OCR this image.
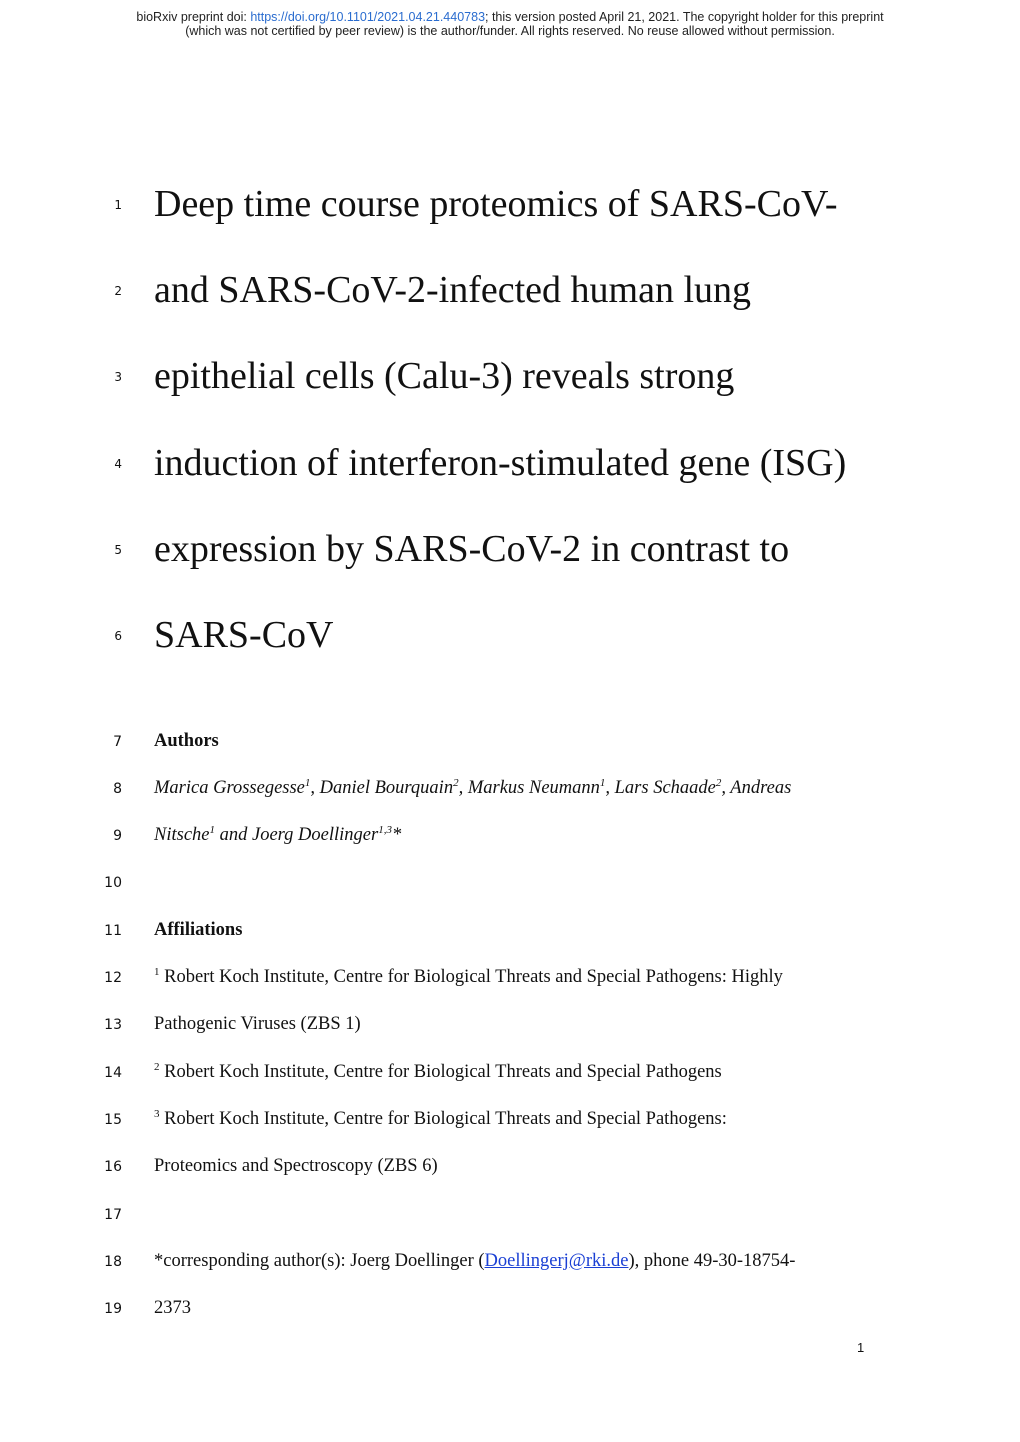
bioRxiv preprint doi: https://doi.org/10.1101/2021.04.21.440783; this version posted April 21, 2021. The copyright holder for this preprint
(which was not certified by peer review) is the author/funder. All rights reserved. No reuse allowed without permission.
1 Deep time course proteomics of SARS-CoV-
2 and SARS-CoV-2-infected human lung
3 epithelial cells (Calu-3) reveals strong
4 induction of interferon-stimulated gene (ISG)
5 expression by SARS-CoV-2 in contrast to
6 SARS-CoV
7 Authors
8 Marica Grossegesse$^1$, Daniel Bourquain$^2$, Markus Neumann$^1$, Lars Schaade$^2$, Andreas
9 Nitsche$^1$ and Joerg Doellinger$^{1,3}$*
10
11 Affiliations
12	$^1$ Robert Koch Institute, Centre for Biological Threats and Special Pathogens: Highly
13 Pathogenic Viruses (ZBS 1)
14	$^2$ Robert Koch Institute, Centre for Biological Threats and Special Pathogens
15	$^3$ Robert Koch Institute, Centre for Biological Threats and Special Pathogens:
16 Proteomics and Spectroscopy (ZBS 6)
17
18 *corresponding author(s): Joerg Doellinger (Doellingerj@rki.de), phone 49-30-18754-
19 2373
1
